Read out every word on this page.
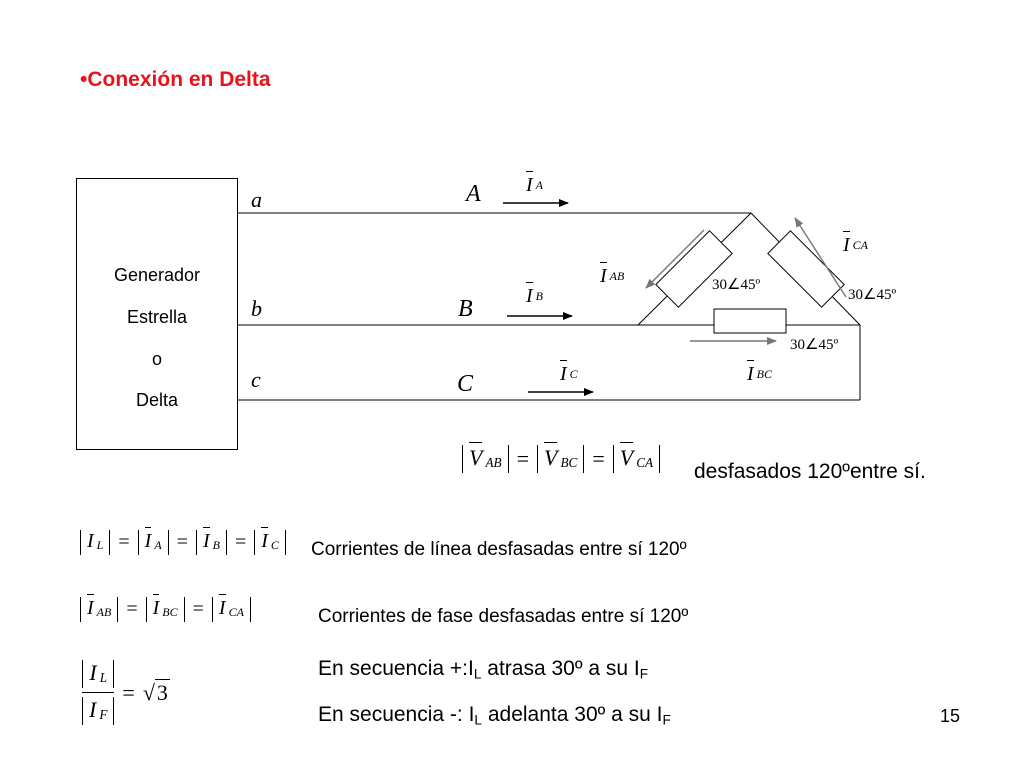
•Conexión en Delta
Generador
Estrella
o
Delta
a
b
c
A
B
C
I A
I B
I C
I AB
I CA
I BC
30∠45º
30∠45º
30∠45º
V AB = V BC = V CA desfasados 120ºentre sí.
I L = I A = I B = I C Corrientes de línea desfasadas entre sí 120º
I AB = I BC = I CA	Corrientes de fase desfasadas entre sí 120º
$\frac{\text{I L}}{\text{I F}}$ = √ 3
En secuencia +:IL atrasa 30º a su IF
En secuencia -: IL adelanta 30º a su IF	15
